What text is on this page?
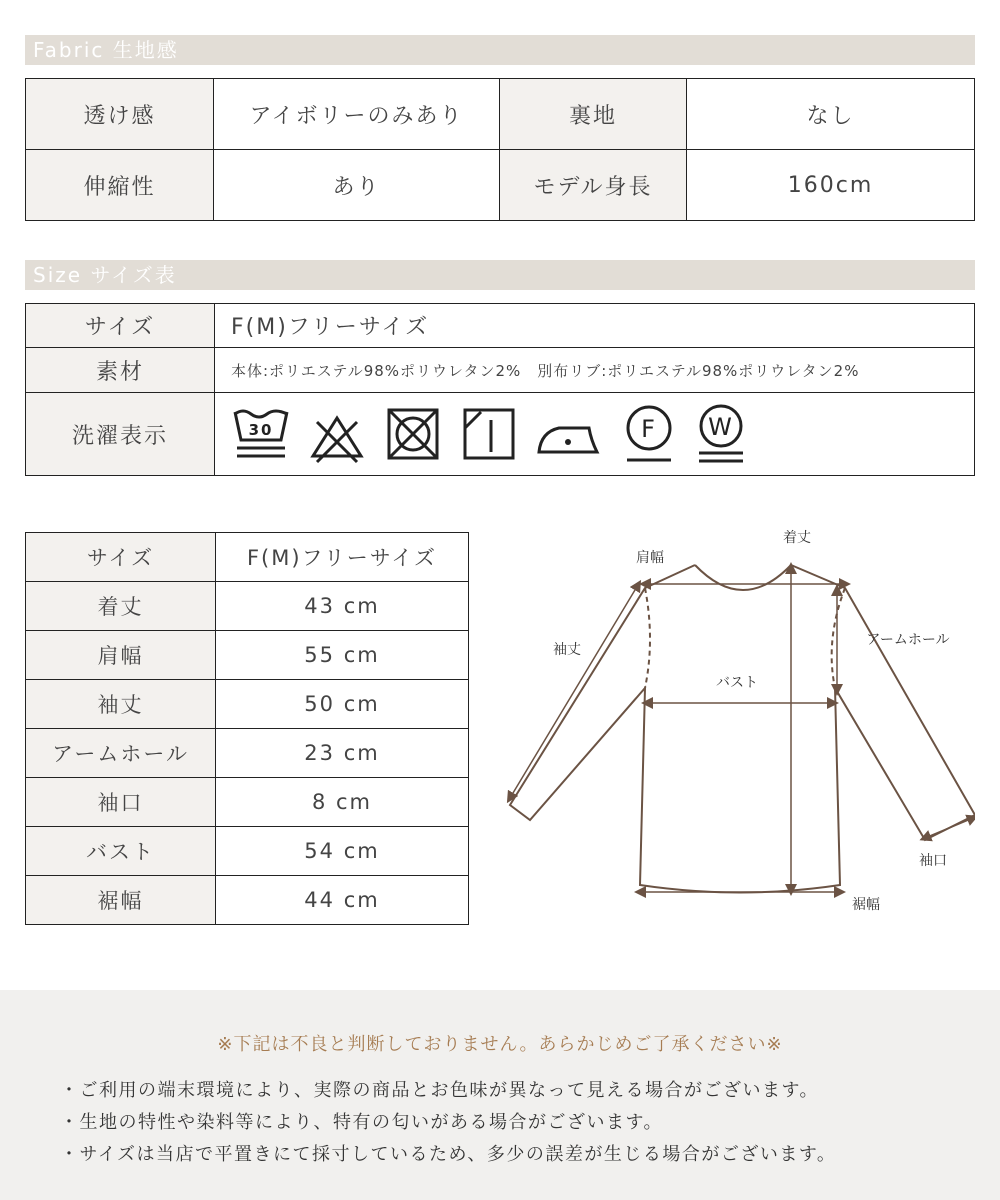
Fabric 生地感
透け感	アイボリーのみあり	裏地	なし
伸縮性	あり	モデル身長	160cm
Size サイズ表
サイズ	F(M)フリーサイズ
素材	本体:ポリエステル98%ポリウレタン2%　別布リブ:ポリエステル98%ポリウレタン2%
洗濯表示	30 F W
サイズ	F(M)フリーサイズ
着丈	43 cm
肩幅	55 cm
袖丈	50 cm
アームホール	23 cm
袖口	8 cm
バスト	54 cm
裾幅	44 cm
着丈
肩幅
袖丈
アームホール
バスト
袖口
裾幅
※下記は不良と判断しておりません。あらかじめご了承ください※
・ご利用の端末環境により、実際の商品とお色味が異なって見える場合がございます。
・生地の特性や染料等により、特有の匂いがある場合がございます。
・サイズは当店で平置きにて採寸しているため、多少の誤差が生じる場合がございます。
